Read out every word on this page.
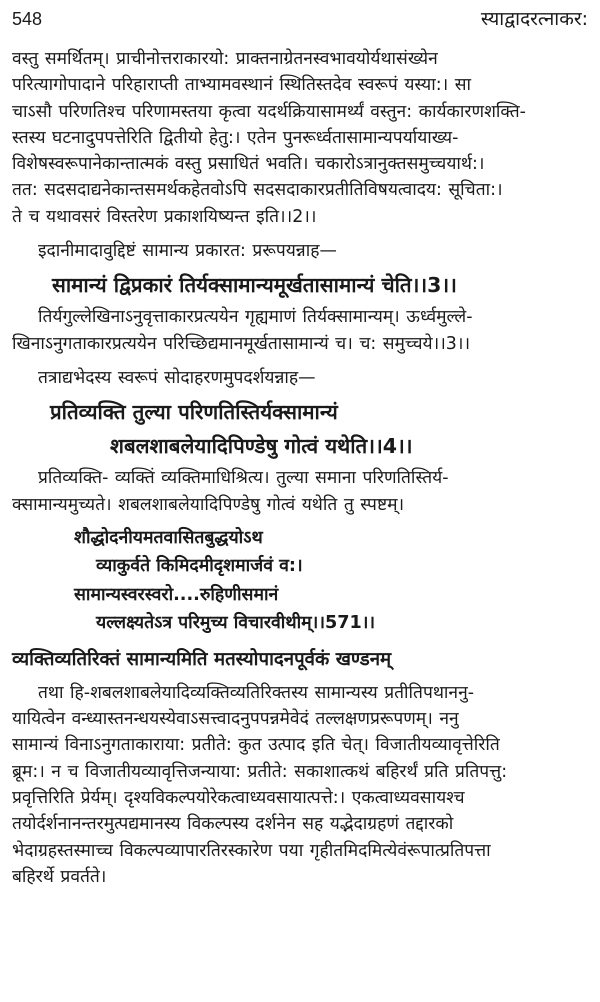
548	स्याद्वादरत्नाकर:

वस्तु समर्थितम्। प्राचीनोत्तराकारयो: प्राक्तनाग्रेतनस्वभावयोर्यथासंख्येन

परित्यागोपादाने परिहाराप्ती ताभ्यामवस्थानं स्थितिस्तदेव स्वरूपं यस्या:। सा

चाऽसौ परिणतिश्च परिणामस्तया कृत्वा यदर्थक्रियासामर्थ्यं वस्तुन: कार्यकारणशक्ति-

स्तस्य घटनादुपपत्तेरिति द्वितीयो हेतु:। एतेन पुनरूर्ध्वतासामान्यपर्यायाख्य-

विशेषस्वरूपानेकान्तात्मकं वस्तु प्रसाधितं भवति। चकारोऽत्रानुक्तसमुच्चयार्थ:।

तत: सदसदाद्यनेकान्तसमर्थकहेतवोऽपि सदसदाकारप्रतीतिविषयत्वादय: सूचिता:।

ते च यथावसरं विस्तरेण प्रकाशयिष्यन्त इति।।2।।

इदानीमादावुद्दिष्टं सामान्य प्रकारत: प्ररूपयन्नाह—

सामान्यं द्विप्रकारं तिर्यक्सामान्यमूर्खतासामान्यं चेति।।3।।

तिर्यगुल्लेखिनाऽनुवृत्ताकारप्रत्ययेन गृह्यमाणं तिर्यक्सामान्यम्। ऊर्ध्वमुल्ले-

खिनाऽनुगताकारप्रत्ययेन परिच्छिद्यमानमूर्खतासामान्यं च। च: समुच्चये।।3।।

तत्राद्यभेदस्य स्वरूपं सोदाहरणमुपदर्शयन्नाह—

प्रतिव्यक्ति तुल्या परिणतिस्तिर्यक्सामान्यं
शबलशाबलेयादिपिण्डेषु गोत्वं यथेति।।4।।

प्रतिव्यक्ति- व्यक्तिं व्यक्तिमाधिश्रित्य। तुल्या समाना परिणतिस्तिर्य-

क्सामान्यमुच्यते। शबलशाबलेयादिपिण्डेषु गोत्वं यथेति तु स्पष्टम्।

शौद्धोदनीयमतवासितबुद्धयोऽथ
व्याकुर्वते किमिदमीदृशमार्जवं व:।
सामान्यस्वरस्वरो....रुहिणीसमानं
यल्लक्ष्यतेऽत्र परिमुच्य विचारवीथीम्।।571।।
व्यक्तिव्यतिरिक्तं सामान्यमिति मतस्योपादनपूर्वकं खण्डनम्

तथा हि-शबलशाबलेयादिव्यक्तिव्यतिरिक्तस्य सामान्यस्य प्रतीतिपथाननु-

यायित्वेन वन्ध्यास्तनन्धयस्येवाऽसत्त्वादनुपपन्नमेवेदं तल्लक्षणप्ररूपणम्। ननु

सामान्यं विनाऽनुगताकाराया: प्रतीते: कुत उत्पाद इति चेत्। विजातीयव्यावृत्तेरिति

ब्रूम:। न च विजातीयव्यावृत्तिजन्याया: प्रतीते: सकाशात्कथं बहिरर्थं प्रति प्रतिपत्तु:

प्रवृत्तिरिति प्रेर्यम्। दृश्यविकल्पयोरेकत्वाध्यवसायात्पत्ते:। एकत्वाध्यवसायश्च

तयोर्दर्शनानन्तरमुत्पद्यमानस्य विकल्पस्य दर्शनेन सह यद्भेदाग्रहणं तद्दारको

भेदाग्रहस्तस्माच्च विकल्पव्यापारतिरस्कारेण पया गृहीतमिदमित्येवंरूपात्प्रतिपत्ता

बहिरर्थे प्रवर्तते।
